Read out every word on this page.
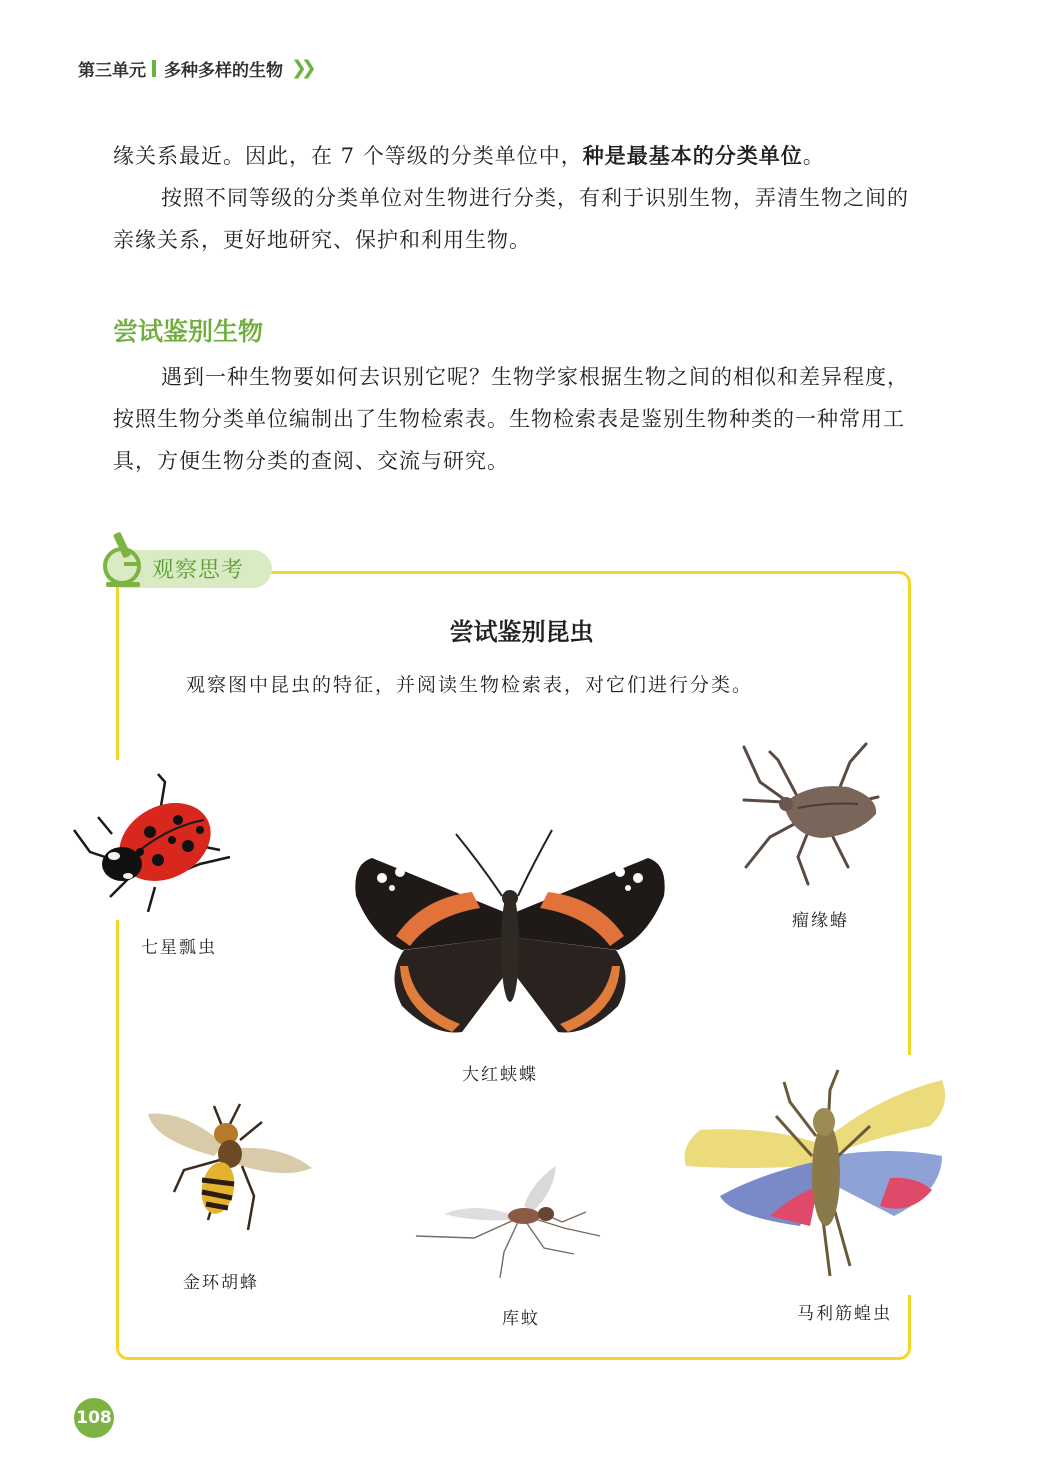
第三单元 多种多样的生物 ❯❯

缘关系最近。因此，在 7 个等级的分类单位中，种是最基本的分类单位。

按照不同等级的分类单位对生物进行分类，有利于识别生物，弄清生物之间的亲缘关系，更好地研究、保护和利用生物。

尝试鉴别生物

遇到一种生物要如何去识别它呢？生物学家根据生物之间的相似和差异程度，按照生物分类单位编制出了生物检索表。生物检索表是鉴别生物种类的一种常用工具，方便生物分类的查阅、交流与研究。

观察思考
尝试鉴别昆虫
观察图中昆虫的特征，并阅读生物检索表，对它们进行分类。
七星瓢虫
瘤缘蝽
大红蛱蝶
金环胡蜂
库蚊	马利筋蝗虫
108
